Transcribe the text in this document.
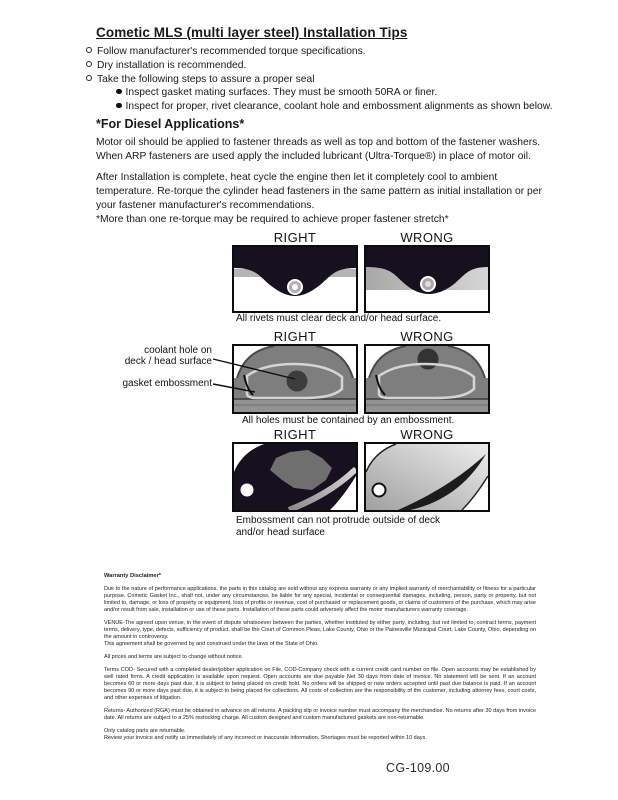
Cometic MLS (multi layer steel) Installation Tips
Follow manufacturer's recommended torque specifications.
Dry installation is recommended.
Take the following steps to assure a proper seal
Inspect gasket mating surfaces. They must be smooth 50RA or finer.
Inspect for proper, rivet clearance, coolant hole and embossment alignments as shown below.
*For Diesel Applications*
Motor oil should be applied to fastener threads as well as top and bottom of the fastener washers. When ARP fasteners are used apply the included lubricant (Ultra-Torque®) in place of motor oil.
After Installation is complete, heat cycle the engine then let it completely cool to ambient temperature. Re-torque the cylinder head fasteners in the same pattern as initial installation or per your fastener manufacturer's recommendations.
*More than one re-torque may be required to achieve proper fastener stretch*
RIGHT	WRONG
All rivets must clear deck and/or head surface.
coolant hole on
deck / head surface
gasket embossment
RIGHT	WRONG
All holes must be contained by an embossment.
RIGHT	WRONG
Embossment can not protrude outside of deck
and/or head surface
Warranty Disclaimer*

Due to the nature of performance applications, the parts in this catalog are sold without any express warranty or any implied warranty of merchantability or fitness for a particular purpose. Cometic Gasket Inc., shall not, under any circumstances, be liable for any special, incidental or consequential damages, including, person, party or property, but not limited to, damage, or loss of property or equipment, loss of profits or revenue, cost of purchased or replacement goods, or claims of customers of the purchase, which may arise and/or result from sale, installation or use of these parts. Installation of these parts could adversely affect the motor manufacturers warranty coverage.

VENUE-The agreed upon venue, in the event of dispute whatsoever between the parties, whether instituted by either party, including, but not limited to, contract terms, payment terms, delivery, type, defects, sufficiency of product, shall be the Court of Common Pleas, Lake County, Ohio or the Painesville Municipal Court, Lake County, Ohio, depending on the amount in controversy.

This agreement shall be governed by and construed under the laws of the State of Ohio.

All prices and terms are subject to change without notice.

Terms COD- Secured with a completed dealer/jobber application on File, COD-Company check with a current credit card number on file. Open accounts may be established by well rated firms. A credit application is available upon request. Open accounts are due payable Net 30 days from date of invoice. No statement will be sent. If an account becomes 60 or more days past due, it is subject to being placed on credit hold. No orders will be shipped or new orders accepted until past due balance is paid. If an account becomes 90 or more days past due, it is subject to being placed for collections. All costs of collection are the responsibility of the customer, including attorney fees, court costs, and other expenses of litigation.

Returns- Authorized (RGA) must be obtained in advance on all returns. A packing slip or invoice number must accompany the merchandise. No returns after 30 days from invoice date. All returns are subject to a 25% restocking charge. All custom designed and custom manufactured gaskets are non-returnable.

Only catalog parts are returnable.

Review your invoice and notify us immediately of any incorrect or inaccurate information. Shortages must be reported within 10 days.

CG-109.00
